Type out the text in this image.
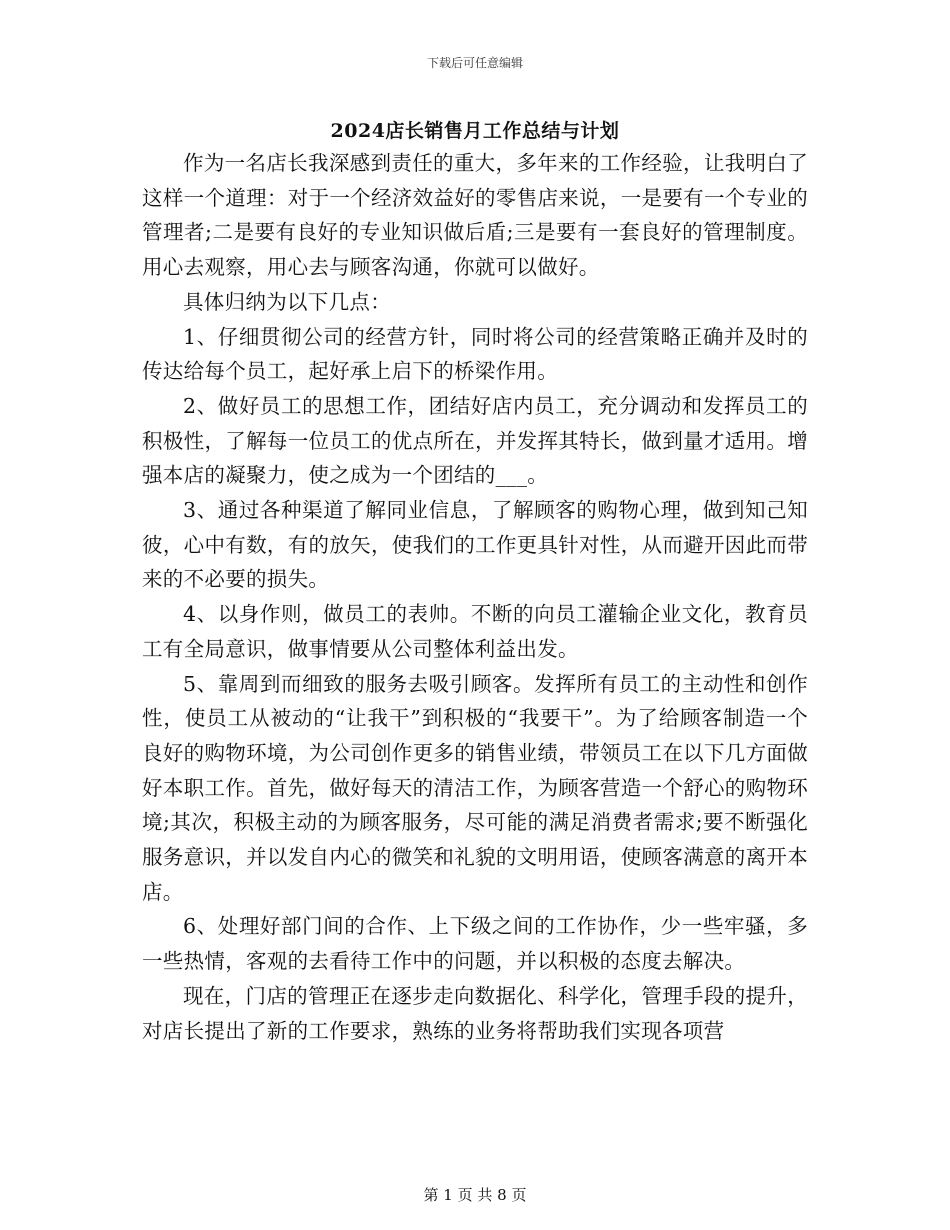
下载后可任意编辑
2024店长销售月工作总结与计划

作为一名店长我深感到责任的重大，多年来的工作经验，让我明白了这样一个道理：对于一个经济效益好的零售店来说，一是要有一个专业的管理者;二是要有良好的专业知识做后盾;三是要有一套良好的管理制度。用心去观察，用心去与顾客沟通，你就可以做好。

具体归纳为以下几点：

1、仔细贯彻公司的经营方针，同时将公司的经营策略正确并及时的传达给每个员工，起好承上启下的桥梁作用。

2、做好员工的思想工作，团结好店内员工，充分调动和发挥员工的积极性，了解每一位员工的优点所在，并发挥其特长，做到量才适用。增强本店的凝聚力，使之成为一个团结的___。

3、通过各种渠道了解同业信息，了解顾客的购物心理，做到知己知彼，心中有数，有的放矢，使我们的工作更具针对性，从而避开因此而带来的不必要的损失。

4、以身作则，做员工的表帅。不断的向员工灌输企业文化，教育员工有全局意识，做事情要从公司整体利益出发。

5、靠周到而细致的服务去吸引顾客。发挥所有员工的主动性和创作性，使员工从被动的“让我干”到积极的“我要干”。为了给顾客制造一个良好的购物环境，为公司创作更多的销售业绩，带领员工在以下几方面做好本职工作。首先，做好每天的清洁工作，为顾客营造一个舒心的购物环境;其次，积极主动的为顾客服务，尽可能的满足消费者需求;要不断强化服务意识，并以发自内心的微笑和礼貌的文明用语，使顾客满意的离开本店。

6、处理好部门间的合作、上下级之间的工作协作，少一些牢骚，多一些热情，客观的去看待工作中的问题，并以积极的态度去解决。

现在，门店的管理正在逐步走向数据化、科学化，管理手段的提升，对店长提出了新的工作要求，熟练的业务将帮助我们实现各项营

第 1 页 共 8 页
